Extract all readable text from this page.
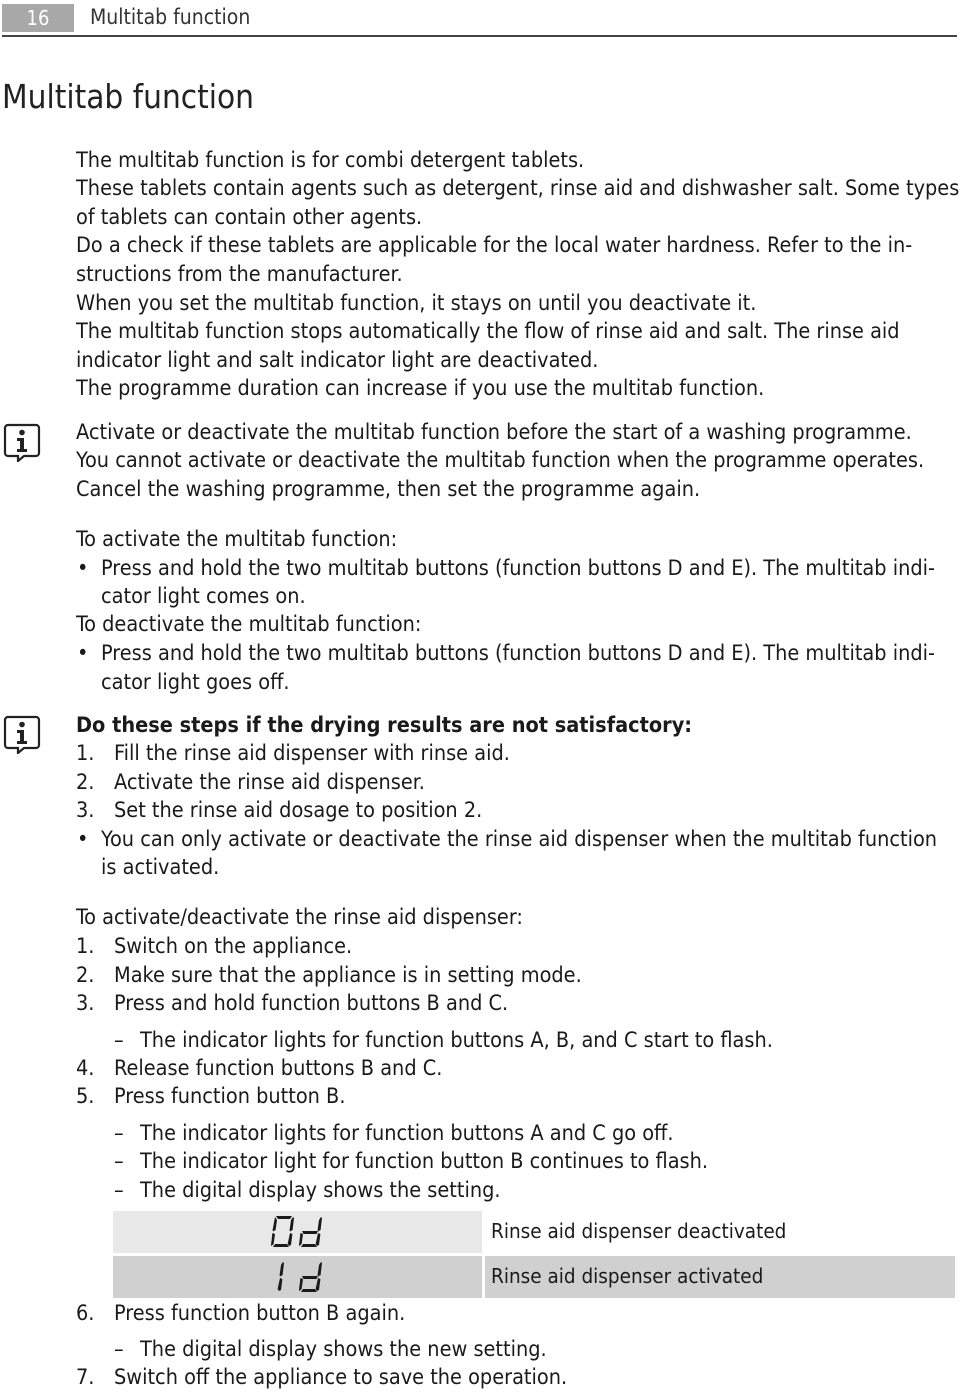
16	Multitab function
Multitab function
The multitab function is for combi detergent tablets.
These tablets contain agents such as detergent, rinse aid and dishwasher salt. Some types
of tablets can contain other agents.
Do a check if these tablets are applicable for the local water hardness. Refer to the in-
structions from the manufacturer.
When you set the multitab function, it stays on until you deactivate it.
The multitab function stops automatically the flow of rinse aid and salt. The rinse aid
indicator light and salt indicator light are deactivated.
The programme duration can increase if you use the multitab function.
Activate or deactivate the multitab function before the start of a washing programme.
You cannot activate or deactivate the multitab function when the programme operates.
Cancel the washing programme, then set the programme again.
To activate the multitab function:
• Press and hold the two multitab buttons (function buttons D and E). The multitab indi-
cator light comes on.
To deactivate the multitab function:
• Press and hold the two multitab buttons (function buttons D and E). The multitab indi-
cator light goes off.
Do these steps if the drying results are not satisfactory:
1. Fill the rinse aid dispenser with rinse aid.
2. Activate the rinse aid dispenser.
3. Set the rinse aid dosage to position 2.
• You can only activate or deactivate the rinse aid dispenser when the multitab function
is activated.
To activate/deactivate the rinse aid dispenser:
1. Switch on the appliance.
2. Make sure that the appliance is in setting mode.
3. Press and hold function buttons B and C.
– The indicator lights for function buttons A, B, and C start to flash.
4. Release function buttons B and C.
5. Press function button B.
– The indicator lights for function buttons A and C go off.
– The indicator light for function button B continues to flash.
– The digital display shows the setting.
Rinse aid dispenser deactivated
Rinse aid dispenser activated
6. Press function button B again.
– The digital display shows the new setting.
7. Switch off the appliance to save the operation.
